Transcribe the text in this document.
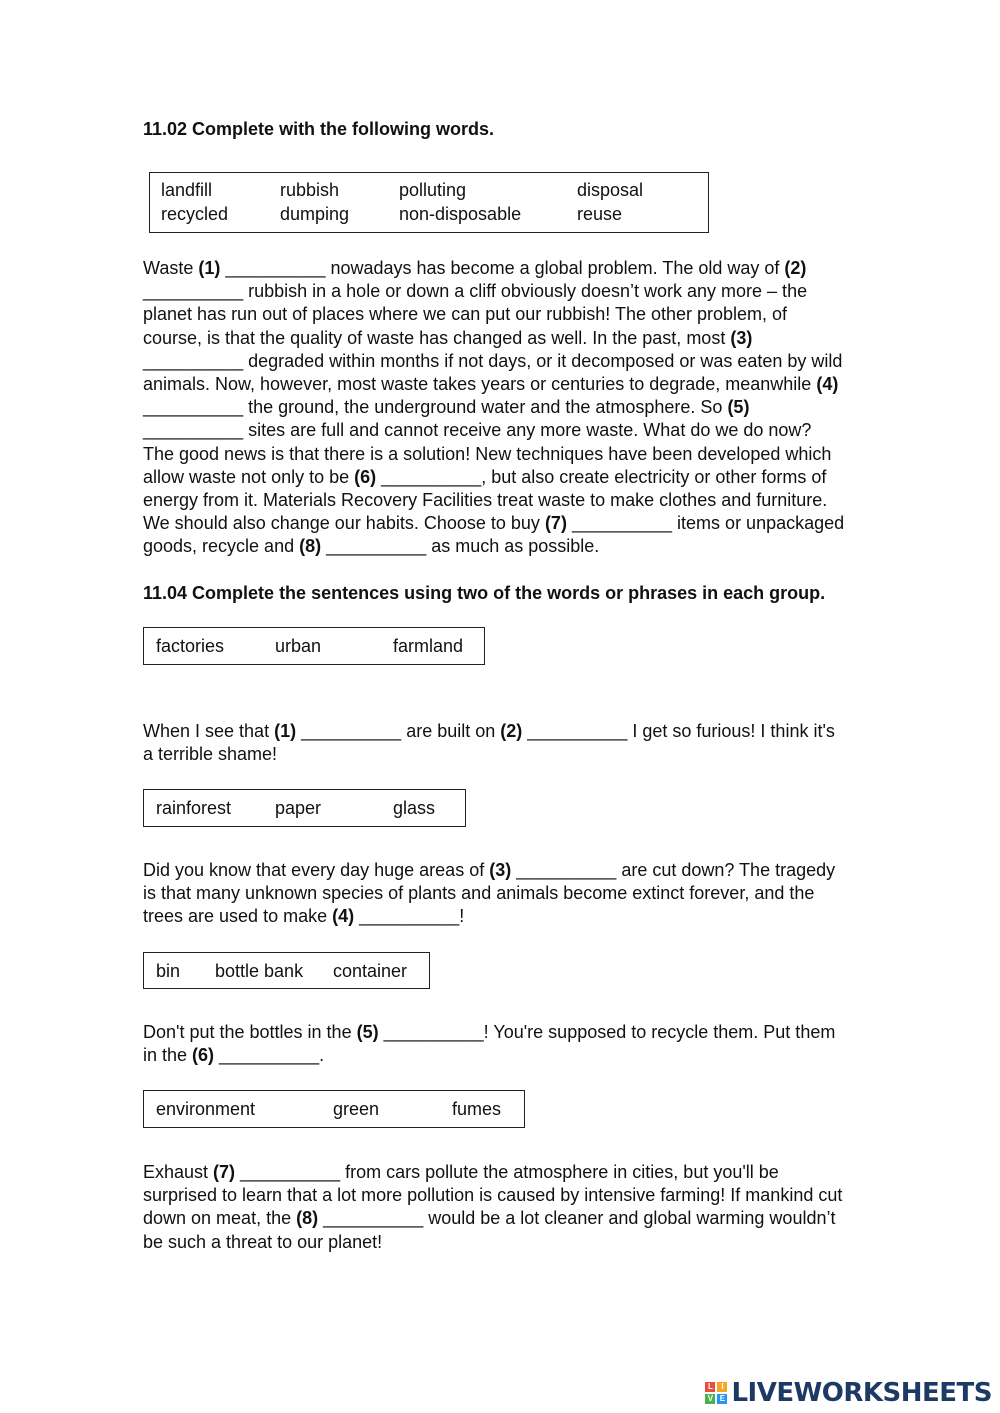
11.02 Complete with the following words.
landfill	rubbish	polluting	disposal
recycled	dumping	non-disposable	reuse
Waste (1) __________ nowadays has become a global problem. The old way of (2)
__________ rubbish in a hole or down a cliff obviously doesn’t work any more – the
planet has run out of places where we can put our rubbish! The other problem, of
course, is that the quality of waste has changed as well. In the past, most (3)
__________ degraded within months if not days, or it decomposed or was eaten by wild
animals. Now, however, most waste takes years or centuries to degrade, meanwhile (4)
__________ the ground, the underground water and the atmosphere. So (5)
__________ sites are full and cannot receive any more waste. What do we do now?
The good news is that there is a solution! New techniques have been developed which
allow waste not only to be (6) __________, but also create electricity or other forms of
energy from it. Materials Recovery Facilities treat waste to make clothes and furniture.
We should also change our habits. Choose to buy (7) __________ items or unpackaged
goods, recycle and (8) __________ as much as possible.
11.04 Complete the sentences using two of the words or phrases in each group.
factories	urban	farmland
When I see that (1) __________ are built on (2) __________ I get so furious! I think it's
a terrible shame!
rainforest paper	glass
Did you know that every day huge areas of (3) __________ are cut down? The tragedy
is that many unknown species of plants and animals become extinct forever, and the
trees are used to make (4) __________!
bin bottle bank container
Don't put the bottles in the (5) __________! You're supposed to recycle them. Put them
in the (6) __________.
environment	green	fumes
Exhaust (7) __________ from cars pollute the atmosphere in cities, but you'll be
surprised to learn that a lot more pollution is caused by intensive farming! If mankind cut
down on meat, the (8) __________ would be a lot cleaner and global warming wouldn’t
be such a threat to our planet!
L	I
V E LIVEWORKSHEETS
